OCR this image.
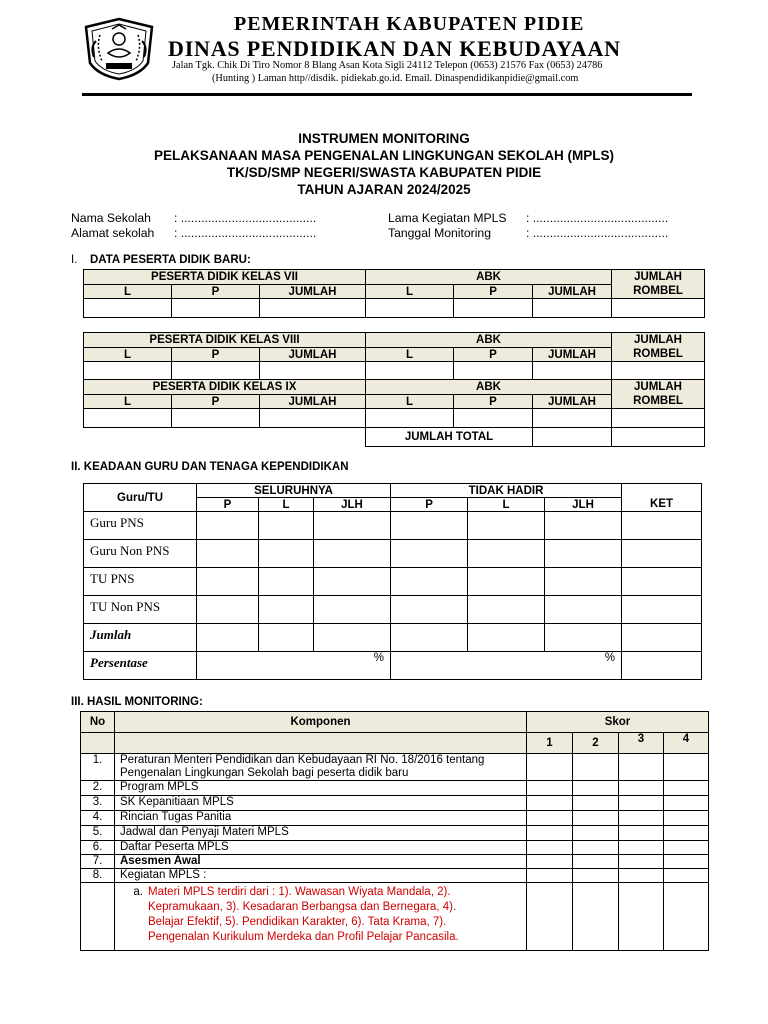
PEMERINTAH KABUPATEN PIDIE
DINAS PENDIDIKAN DAN KEBUDAYAAN
Jalan Tgk. Chik Di Tiro Nomor 8 Blang Asan Kota Sigli 24112 Telepon (0653) 21576 Fax (0653) 24786
(Hunting ) Laman http//disdik. pidiekab.go.id. Email. Dinaspendidikanpidie@gmail.com
INSTRUMEN MONITORING
PELAKSANAAN MASA PENGENALAN LINGKUNGAN SEKOLAH (MPLS)
TK/SD/SMP NEGERI/SWASTA KABUPATEN PIDIE
TAHUN AJARAN 2024/2025
Nama Sekolah : ........................................
Alamat sekolah : ........................................
Lama Kegiatan MPLS : ........................................
Tanggal Monitoring	: ........................................
I. DATA PESERTA DIDIK BARU:
PESERTA DIDIK KELAS VII			ABK			JUMLAH
ROMBEL

L	P	JUMLAH	L	P	JUMLAH	

PESERTA DIDIK KELAS VIII			ABK			JUMLAH
ROMBEL

L	P	JUMLAH	L	P	JUMLAH	

PESERTA DIDIK KELAS IX			ABK			JUMLAH
ROMBEL

L	P	JUMLAH	L	P	JUMLAH	

			JUMLAH TOTAL			
II. KEADAAN GURU DAN TENAGA KEPENDIDIKAN
Guru/TU	SELURUHNYA			TIDAK HADIR			
	P	L	JLH	P	L	JLH	KET
Guru PNS							
Guru Non PNS							
TU PNS							
TU Non PNS							
Jumlah							
Persentase	%			%			
III. HASIL MONITORING:
No	Komponen	Skor			
		1	2	3	4
1.	Peraturan Menteri Pendidikan dan Kebudayaan RI No. 18/2016 tentang
Pengenalan Lingkungan Sekolah bagi peserta didik baru				

2.	Program MPLS				
3.	SK Kepanitiaan MPLS				
4.	Rincian Tugas Panitia				
5.	Jadwal dan Penyaji Materi MPLS				
6.	Daftar Peserta MPLS				
7.	Asesmen Awal				
8.	Kegiatan MPLS :				

	a. Materi MPLS terdiri dari : 1). Wawasan Wiyata Mandala, 2).
Kepramukaan, 3). Kesadaran Berbangsa dan Bernegara, 4).
Belajar Efektif, 5). Pendidikan Karakter, 6). Tata Krama, 7).
Pengenalan Kurikulum Merdeka dan Profil Pelajar Pancasila.				
